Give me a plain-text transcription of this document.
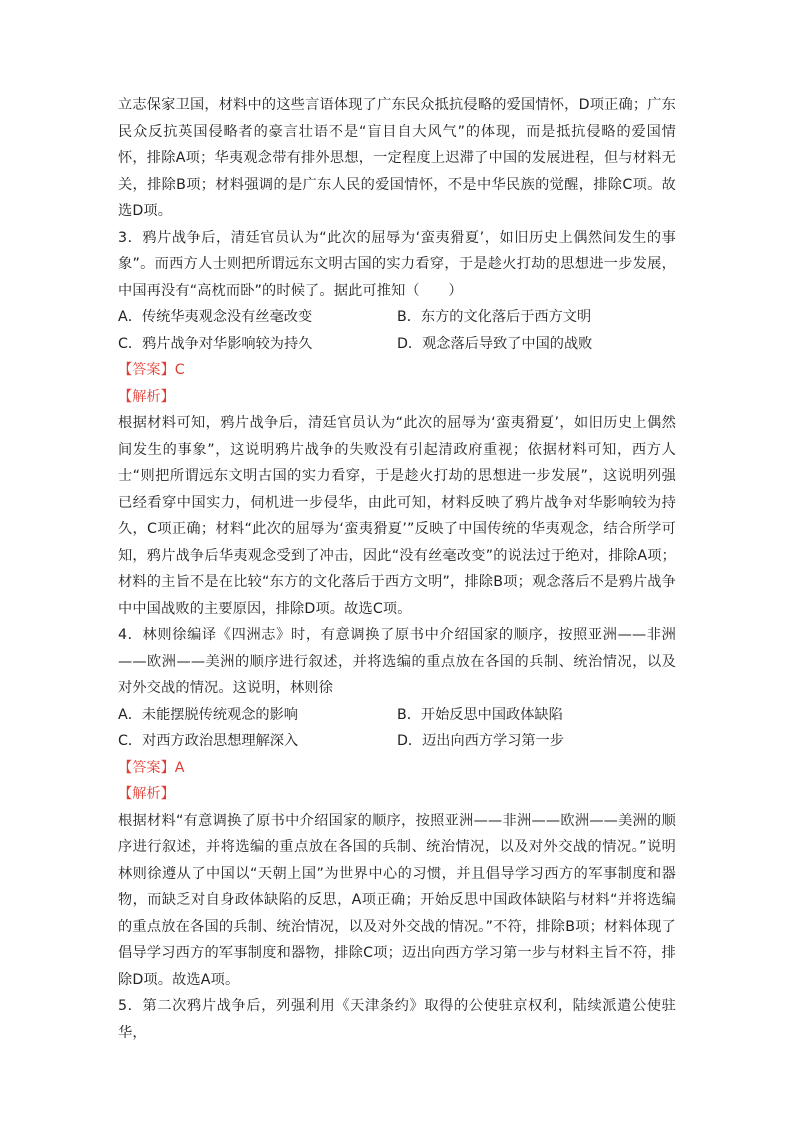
立志保家卫国，材料中的这些言语体现了广东民众抵抗侵略的爱国情怀，D项正确；广东民众反抗英国侵略者的豪言壮语不是“盲目自大风气”的体现，而是抵抗侵略的爱国情怀，排除A项；华夷观念带有排外思想，一定程度上迟滞了中国的发展进程，但与材料无关，排除B项；材料强调的是广东人民的爱国情怀，不是中华民族的觉醒，排除C项。故选D项。

3．鸦片战争后，清廷官员认为“此次的屈辱为‘蛮夷猾夏’，如旧历史上偶然间发生的事象”。而西方人士则把所谓远东文明古国的实力看穿，于是趁火打劫的思想进一步发展，中国再没有“高枕而卧”的时候了。据此可推知（　　）

A．传统华夷观念没有丝毫改变	B．东方的文化落后于西方文明
C．鸦片战争对华影响较为持久	D．观念落后导致了中国的战败

【答案】C

【解析】

根据材料可知，鸦片战争后，清廷官员认为“此次的屈辱为‘蛮夷猾夏’，如旧历史上偶然间发生的事象”，这说明鸦片战争的失败没有引起清政府重视；依据材料可知，西方人士“则把所谓远东文明古国的实力看穿，于是趁火打劫的思想进一步发展”，这说明列强已经看穿中国实力，伺机进一步侵华，由此可知，材料反映了鸦片战争对华影响较为持久，C项正确；材料“此次的屈辱为‘蛮夷猾夏’”反映了中国传统的华夷观念，结合所学可知，鸦片战争后华夷观念受到了冲击，因此“没有丝毫改变”的说法过于绝对，排除A项；材料的主旨不是在比较“东方的文化落后于西方文明”，排除B项；观念落后不是鸦片战争中中国战败的主要原因，排除D项。故选C项。

4．林则徐编译《四洲志》时，有意调换了原书中介绍国家的顺序，按照亚洲——非洲——欧洲——美洲的顺序进行叙述，并将选编的重点放在各国的兵制、统治情况，以及对外交战的情况。这说明，林则徐

A．未能摆脱传统观念的影响	B．开始反思中国政体缺陷
C．对西方政治思想理解深入	D．迈出向西方学习第一步

【答案】A

【解析】

根据材料“有意调换了原书中介绍国家的顺序，按照亚洲——非洲——欧洲——美洲的顺序进行叙述，并将选编的重点放在各国的兵制、统治情况，以及对外交战的情况。”说明林则徐遵从了中国以“天朝上国”为世界中心的习惯，并且倡导学习西方的军事制度和器物，而缺乏对自身政体缺陷的反思，A项正确；开始反思中国政体缺陷与材料“并将选编的重点放在各国的兵制、统治情况，以及对外交战的情况。”不符，排除B项；材料体现了倡导学习西方的军事制度和器物，排除C项；迈出向西方学习第一步与材料主旨不符，排除D项。故选A项。

5．第二次鸦片战争后，列强利用《天津条约》取得的公使驻京权利，陆续派遣公使驻华，
